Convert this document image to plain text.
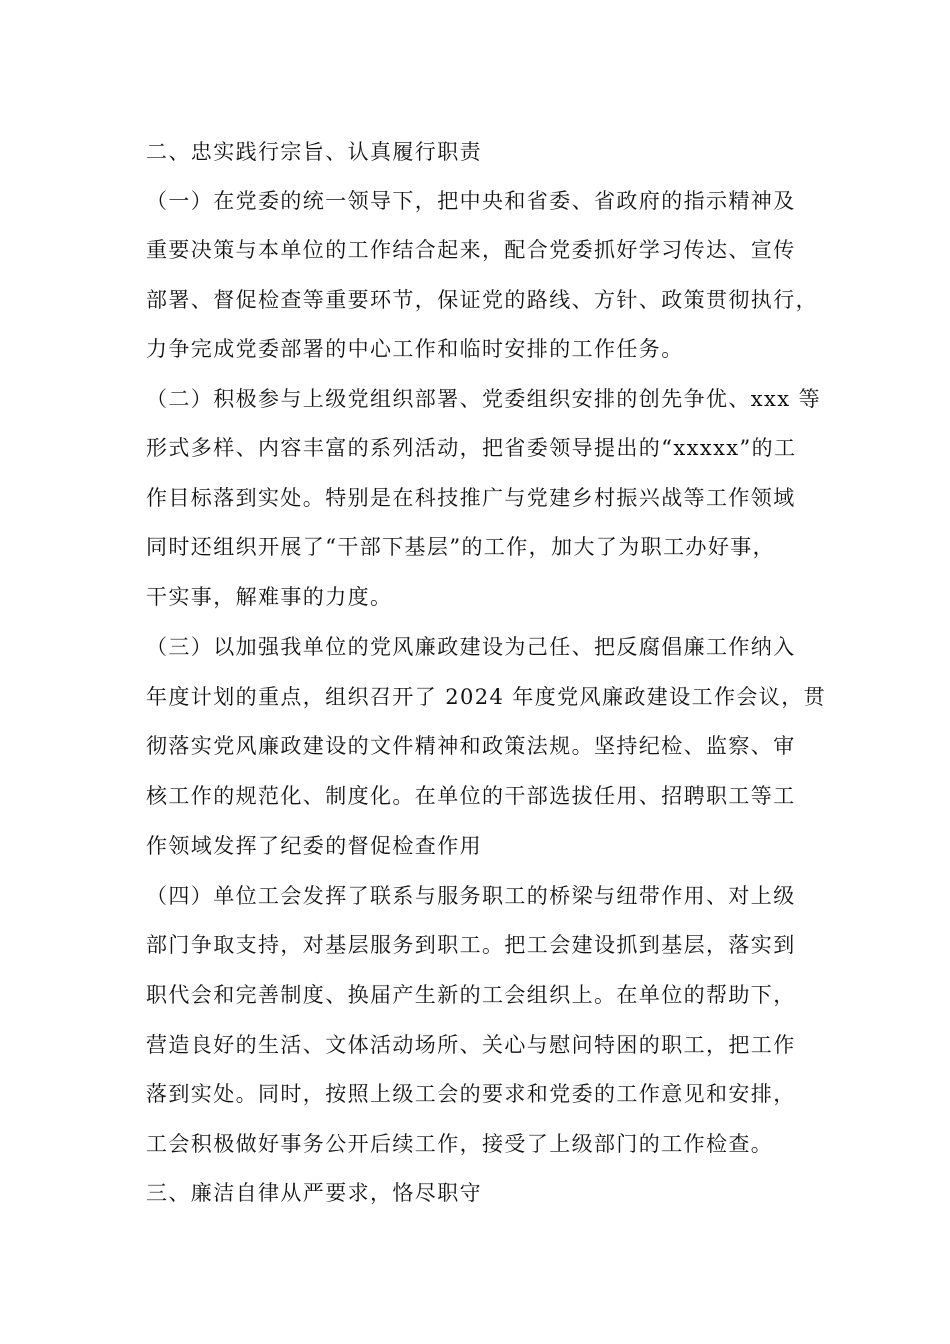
二、忠实践行宗旨、认真履行职责
（一）在党委的统一领导下，把中央和省委、省政府的指示精神及
重要决策与本单位的工作结合起来，配合党委抓好学习传达、宣传
部署、督促检查等重要环节，保证党的路线、方针、政策贯彻执行，
力争完成党委部署的中心工作和临时安排的工作任务。
（二）积极参与上级党组织部署、党委组织安排的创先争优、xxx 等
形式多样、内容丰富的系列活动，把省委领导提出的“xxxxx”的工
作目标落到实处。特别是在科技推广与党建乡村振兴战等工作领域
同时还组织开展了“干部下基层”的工作，加大了为职工办好事，
干实事，解难事的力度。
（三）以加强我单位的党风廉政建设为己任、把反腐倡廉工作纳入
年度计划的重点，组织召开了 2024 年度党风廉政建设工作会议，贯
彻落实党风廉政建设的文件精神和政策法规。坚持纪检、监察、审
核工作的规范化、制度化。在单位的干部选拔任用、招聘职工等工
作领域发挥了纪委的督促检查作用
（四）单位工会发挥了联系与服务职工的桥梁与纽带作用、对上级
部门争取支持，对基层服务到职工。把工会建设抓到基层，落实到
职代会和完善制度、换届产生新的工会组织上。在单位的帮助下，
营造良好的生活、文体活动场所、关心与慰问特困的职工，把工作
落到实处。同时，按照上级工会的要求和党委的工作意见和安排，
工会积极做好事务公开后续工作，接受了上级部门的工作检查。
三、廉洁自律从严要求，恪尽职守
